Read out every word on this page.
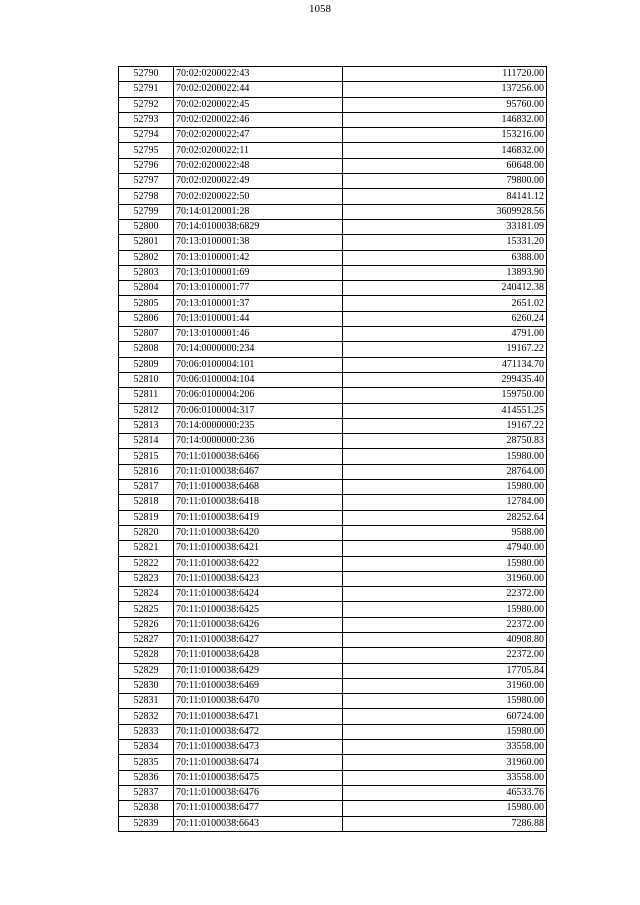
1058
52790	70:02:0200022:43	111720.00
52791	70:02:0200022:44	137256.00
52792	70:02:0200022:45	95760.00
52793	70:02:0200022:46	146832.00
52794	70:02:0200022:47	153216.00
52795	70:02:0200022:11	146832.00
52796	70:02:0200022:48	60648.00
52797	70:02:0200022:49	79800.00
52798	70:02:0200022:50	84141.12
52799	70:14:0120001:28	3609928.56
52800	70:14:0100038:6829	33181.09
52801	70:13:0100001:38	15331.20
52802	70:13:0100001:42	6388.00
52803	70:13:0100001:69	13893.90
52804	70:13:0100001:77	240412.38
52805	70:13:0100001:37	2651.02
52806	70:13:0100001:44	6260.24
52807	70:13:0100001:46	4791.00
52808	70:14:0000000:234	19167.22
52809	70:06:0100004:101	471134.70
52810	70:06:0100004:104	299435.40
52811	70:06:0100004:206	159750.00
52812	70:06:0100004:317	414551.25
52813	70:14:0000000:235	19167.22
52814	70:14:0000000:236	28750.83
52815	70:11:0100038:6466	15980.00
52816	70:11:0100038:6467	28764.00
52817	70:11:0100038:6468	15980.00
52818	70:11:0100038:6418	12784.00
52819	70:11:0100038:6419	28252.64
52820	70:11:0100038:6420	9588.00
52821	70:11:0100038:6421	47940.00
52822	70:11:0100038:6422	15980.00
52823	70:11:0100038:6423	31960.00
52824	70:11:0100038:6424	22372.00
52825	70:11:0100038:6425	15980.00
52826	70:11:0100038:6426	22372.00
52827	70:11:0100038:6427	40908.80
52828	70:11:0100038:6428	22372.00
52829	70:11:0100038:6429	17705.84
52830	70:11:0100038:6469	31960.00
52831	70:11:0100038:6470	15980.00
52832	70:11:0100038:6471	60724.00
52833	70:11:0100038:6472	15980.00
52834	70:11:0100038:6473	33558.00
52835	70:11:0100038:6474	31960.00
52836	70:11:0100038:6475	33558.00
52837	70:11:0100038:6476	46533.76
52838	70:11:0100038:6477	15980.00
52839	70:11:0100038:6643	7286.88
